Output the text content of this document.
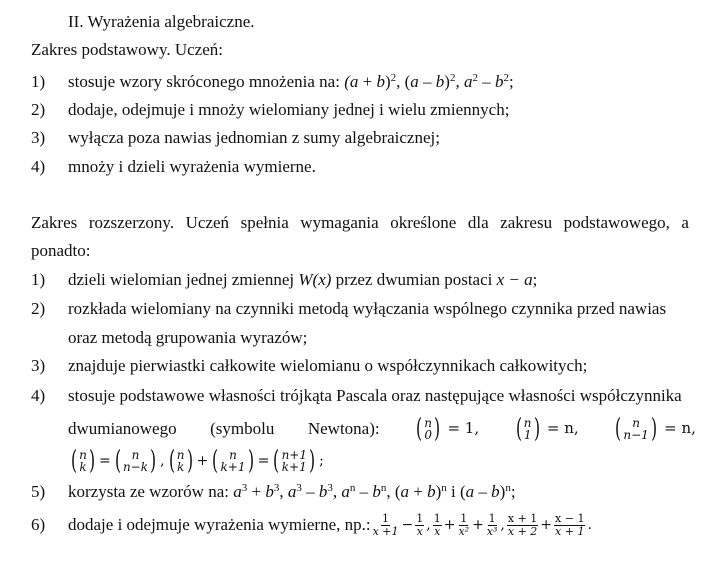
II. Wyrażenia algebraiczne.
Zakres podstawowy. Uczeń:
1) stosuje wzory skróconego mnożenia na: $(a + b)^2$, (a – b)$^2$, $a^2 - b^2$;
2) dodaje, odejmuje i mnoży wielomiany jednej i wielu zmiennych;
3) wyłącza poza nawias jednomian z sumy algebraicznej;
4) mnoży i dzieli wyrażenia wymierne.
Zakres rozszerzony. Uczeń spełnia wymagania określone dla zakresu podstawowego, a
ponadto:
1) dzieli wielomian jednej zmiennej W(x) przez dwumian postaci x − a;
2) rozkłada wielomiany na czynniki metodą wyłączania wspólnego czynnika przed nawias
oraz metodą grupowania wyrazów;
3) znajduje pierwiastki całkowite wielomianu o współczynnikach całkowitych;
4) stosuje podstawowe własności trójkąta Pascala oraz następujące własności współczynnika
dwumianowego (symbolu Newtona): ( n
0 ) = 1, ( n
1 ) = n, ( n
n−1 ) = n,
( n
k ) = ( n
n−k ) , ( n
k ) + ( n
k+1 ) = ( n+1
k+1 ) ;
5) korzysta ze wzorów na: $a^3 + b^3$, $a^3 - b^3$, $a^n - b^n$, $(a + b)^n$ i (a – b)$^n$;
6) dodaje i odejmuje wyrażenia wymierne, np.: $\frac{1}{x +1} - \frac{1}{x}$ , $\frac{1}{x} + \frac{1}{\text{x²}} + \frac{1}{\text{x³}}$ , $\frac{x + 1}{x + 2} + \frac{x - 1}{x + 1}$ .
